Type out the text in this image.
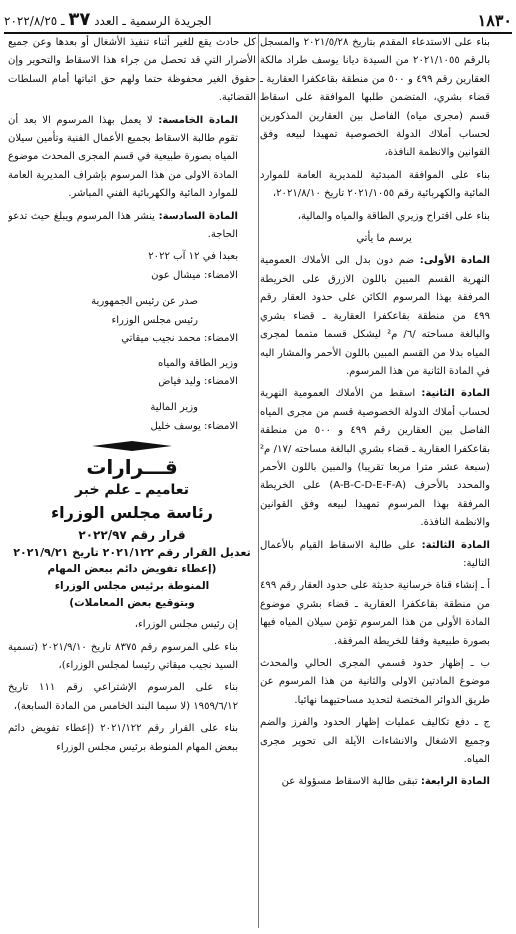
١٨٣٠
الجريدة الرسمية ـ العدد ٣٧ ـ ٢٠٢٢/٨/٢٥

بناء على الاستدعاء المقدم بتاريخ ٢٠٢١/٥/٢٨ والمسجل بالرقم ٢٠٢١/١٠٥٥ من السيدة ديانا يوسف طراد مالكة العقارين رقم ٤٩٩ و ٥٠٠ من منطقة بقاعكفرا العقارية ـ قضاء بشري، المتضمن طلبها الموافقة على اسقاط قسم (مجرى مياه) الفاصل بين العقارين المذكورين لحساب أملاك الدولة الخصوصية تمهيدا لبيعه وفق القوانين والانظمة النافذة،

بناء على الموافقة المبدئية للمديرية العامة للموارد المائية والكهربائية رقم ٢٠٢١/١٠٥٥ تاريخ ٢٠٢١/٨/١٠،

بناء على اقتراح وزيري الطاقة والمياه والمالية،

يرسم ما يأتي

المادة الأولى: ضم دون بدل الى الأملاك العمومية النهرية القسم المبين باللون الازرق على الخريطة المرفقة بهذا المرسوم الكائن على حدود العقار رقم ٤٩٩ من منطقة بقاعكفرا العقارية ـ قضاء بشري والبالغة مساحته /٦/ م² ليشكل قسما متمما لمجرى المياه بدلا من القسم المبين باللون الأحمر والمشار اليه في المادة الثانية من هذا المرسوم.

المادة الثانية: اسقط من الأملاك العمومية النهرية لحساب أملاك الدولة الخصوصية قسم من مجرى المياه الفاصل بين العقارين رقم ٤٩٩ و ٥٠٠ من منطقة بقاعكفرا العقارية ـ قضاء بشري البالغة مساحته /١٧/ م² (سبعة عشر مترا مربعا تقريبا) والمبين باللون الأحمر والمحدد بالأحرف (A-B-C-D-E-F-A) على الخريطة المرفقة بهذا المرسوم تمهيدا لبيعه وفق القوانين والانظمة النافذة.

المادة الثالثة: على طالبة الاسقاط القيام بالأعمال التالية:

أ ـ إنشاء قناة خرسانية حديثة على حدود العقار رقم ٤٩٩ من منطقة بقاعكفرا العقارية ـ قضاء بشري موضوع المادة الأولى من هذا المرسوم تؤمن سيلان المياه فيها بصورة طبيعية وفقا للخريطة المرفقة.

ب ـ إظهار حدود قسمي المجرى الحالي والمحدث موضوع المادتين الاولى والثانية من هذا المرسوم عن طريق الدوائر المختصة لتحديد مساحتيهما نهائيا.

ج ـ دفع تكاليف عمليات إظهار الحدود والفرز والضم وجميع الاشغال والانشاءات الآيلة الى تحوير مجرى المياه.

المادة الرابعة: تبقى طالبة الاسقاط مسؤولة عن

كل حادث يقع للغير أثناء تنفيذ الأشغال أو بعدها وعن جميع الأضرار التي قد تحصل من جراء هذا الاسقاط والتحوير وإن حقوق الغير محفوظة حتما ولهم حق اثباتها أمام السلطات القضائية.

المادة الخامسة: لا يعمل بهذا المرسوم الا بعد أن تقوم طالبة الاسقاط بجميع الأعمال الفنية وتأمين سيلان المياه بصورة طبيعية في قسم المجرى المحدث موضوع المادة الاولى من هذا المرسوم بإشراف المديرية العامة للموارد المائية والكهربائية الفني المباشر.

المادة السادسة: ينشر هذا المرسوم ويبلغ حيث تدعو الحاجة.

بعبدا في ١٢ آب ٢٠٢٢

الامضاء: ميشال عون

صدر عن رئيس الجمهورية

رئيس مجلس الوزراء

الامضاء: محمد نجيب ميقاتي

وزير الطاقة والمياه

الامضاء: وليد فياض

وزير المالية

الامضاء: يوسف خليل

قـــرارات

تعاميم ـ علم خبر

رئاسة مجلس الوزراء

قرار رقم ٢٠٢٢/٩٧

تعديل القرار رقم ٢٠٢١/١٢٢ تاريخ ٢٠٢١/٩/٢١

(إعطاء تفويض دائم ببعض المهام

المنوطة برئيس مجلس الوزراء

وبتوقيع بعض المعاملات)

إن رئيس مجلس الوزراء،

بناء على المرسوم رقم ٨٣٧٥ تاريخ ٢٠٢١/٩/١٠ (تسمية السيد نجيب ميقاتي رئيسا لمجلس الوزراء)،

بناء على المرسوم الإشتراعي رقم ١١١ تاريخ ١٩٥٩/٦/١٢ (لا سيما البند الخامس من المادة السابعة)،

بناء على القرار رقم ٢٠٢١/١٢٢ (إعطاء تفويض دائم ببعض المهام المنوطة برئيس مجلس الوزراء
